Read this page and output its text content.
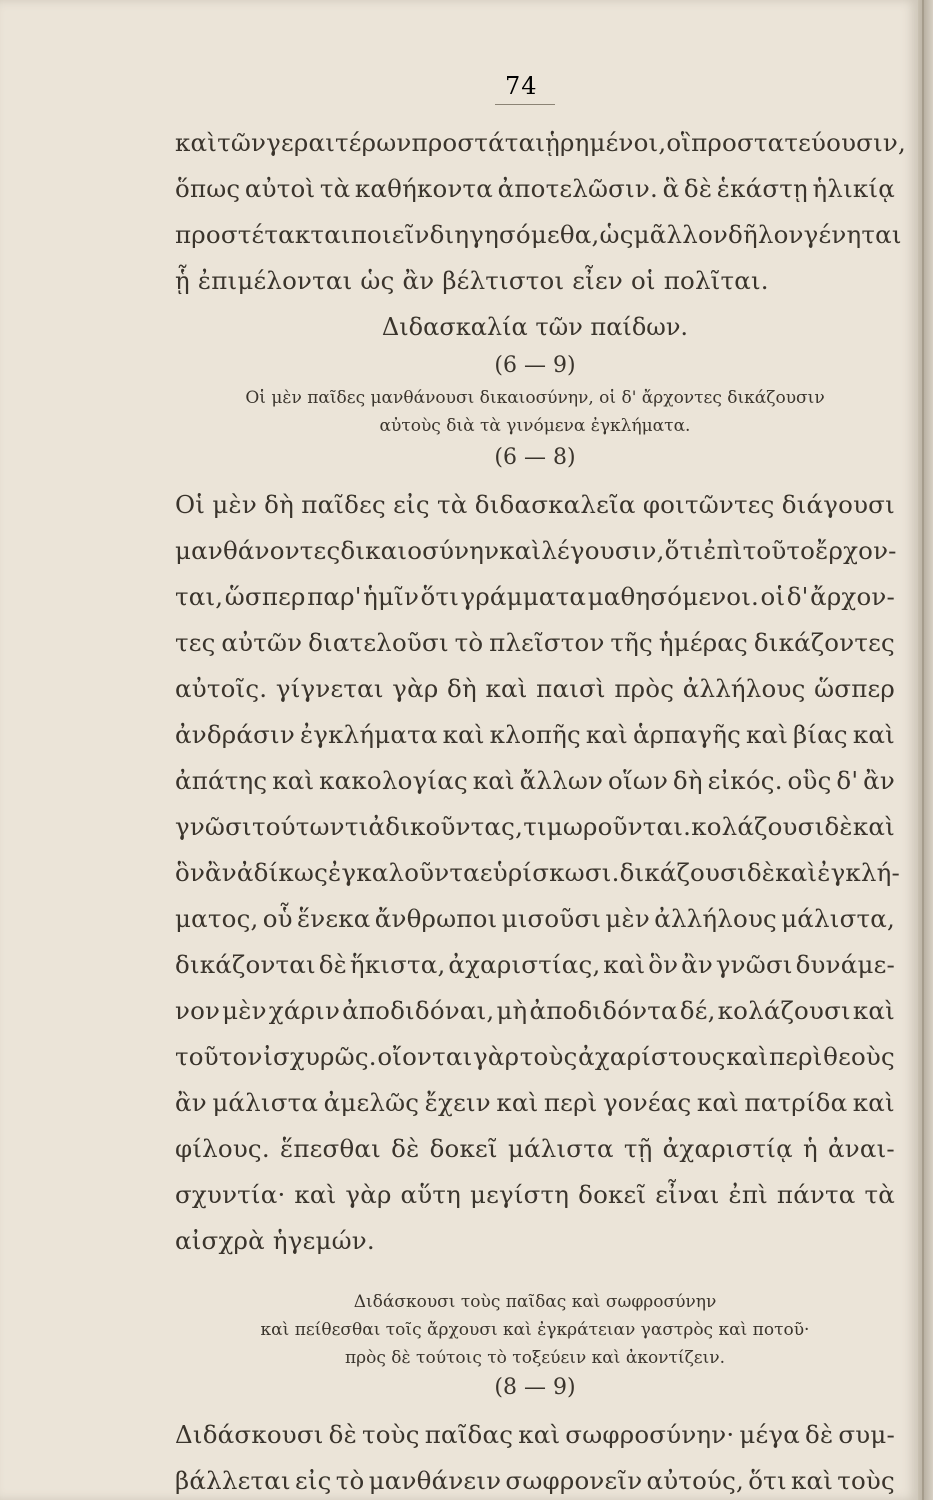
74
καὶ τῶν γεραιτέρων προστάται ᾑρημένοι, οἳ προστατεύουσιν,
ὅπως αὐτοὶ τὰ καθήκοντα ἀποτελῶσιν. ἃ δὲ ἑκάστῃ ἡλικίᾳ
προστέτακται ποιεῖν διηγησόμεθα, ὡς μᾶλλον δῆλον γένηται
ᾗ ἐπιμέλονται ὡς ἂν βέλτιστοι εἶεν οἱ πολῖται.
Διδασκαλία τῶν παίδων.
(6 — 9)
Οἱ μὲν παῖδες μανθάνουσι δικαιοσύνην, οἱ δ' ἄρχοντες δικάζουσιν
αὐτοὺς διὰ τὰ γινόμενα ἐγκλήματα.
(6 — 8)
Οἱ μὲν δὴ παῖδες εἰς τὰ διδασκαλεῖα φοιτῶντες διάγουσι
μανθάνοντες δικαιοσύνην καὶ λέγουσιν, ὅτι ἐπὶ τοῦτο ἔρχον-
ται, ὥσπερ παρ' ἡμῖν ὅτι γράμματα μαθησόμενοι. οἱ δ' ἄρχον-
τες αὐτῶν διατελοῦσι τὸ πλεῖστον τῆς ἡμέρας δικάζοντες
αὐτοῖς. γίγνεται γὰρ δὴ καὶ παισὶ πρὸς ἀλλήλους ὥσπερ
ἀνδράσιν ἐγκλήματα καὶ κλοπῆς καὶ ἁρπαγῆς καὶ βίας καὶ
ἀπάτης καὶ κακολογίας καὶ ἄλλων οἵων δὴ εἰκός. οὓς δ' ἂν
γνῶσι τούτων τι ἀδικοῦντας, τιμωροῦνται. κολάζουσι δὲ καὶ
ὃν ἂν ἀδίκως ἐγκαλοῦντα εὑρίσκωσι. δικάζουσι δὲ καὶ ἐγκλή-
ματος, οὗ ἕνεκα ἄνθρωποι μισοῦσι μὲν ἀλλήλους μάλιστα,
δικάζονται δὲ ἥκιστα, ἀχαριστίας, καὶ ὃν ἂν γνῶσι δυνάμε-
νον μὲν χάριν ἀποδιδόναι, μὴ ἀποδιδόντα δέ, κολάζουσι καὶ
τοῦτον ἰσχυρῶς. οἴονται γὰρ τοὺς ἀχαρίστους καὶ περὶ θεοὺς
ἂν μάλιστα ἀμελῶς ἔχειν καὶ περὶ γονέας καὶ πατρίδα καὶ
φίλους. ἕπεσθαι δὲ δοκεῖ μάλιστα τῇ ἀχαριστίᾳ ἡ ἀναι-
σχυντία· καὶ γὰρ αὕτη μεγίστη δοκεῖ εἶναι ἐπὶ πάντα τὰ
αἰσχρὰ ἡγεμών.
Διδάσκουσι τοὺς παῖδας καὶ σωφροσύνην
καὶ πείθεσθαι τοῖς ἄρχουσι καὶ ἐγκράτειαν γαστρὸς καὶ ποτοῦ·
πρὸς δὲ τούτοις τὸ τοξεύειν καὶ ἀκοντίζειν.
(8 — 9)
Διδάσκουσι δὲ τοὺς παῖδας καὶ σωφροσύνην· μέγα δὲ συμ-
βάλλεται εἰς τὸ μανθάνειν σωφρονεῖν αὐτούς, ὅτι καὶ τοὺς
